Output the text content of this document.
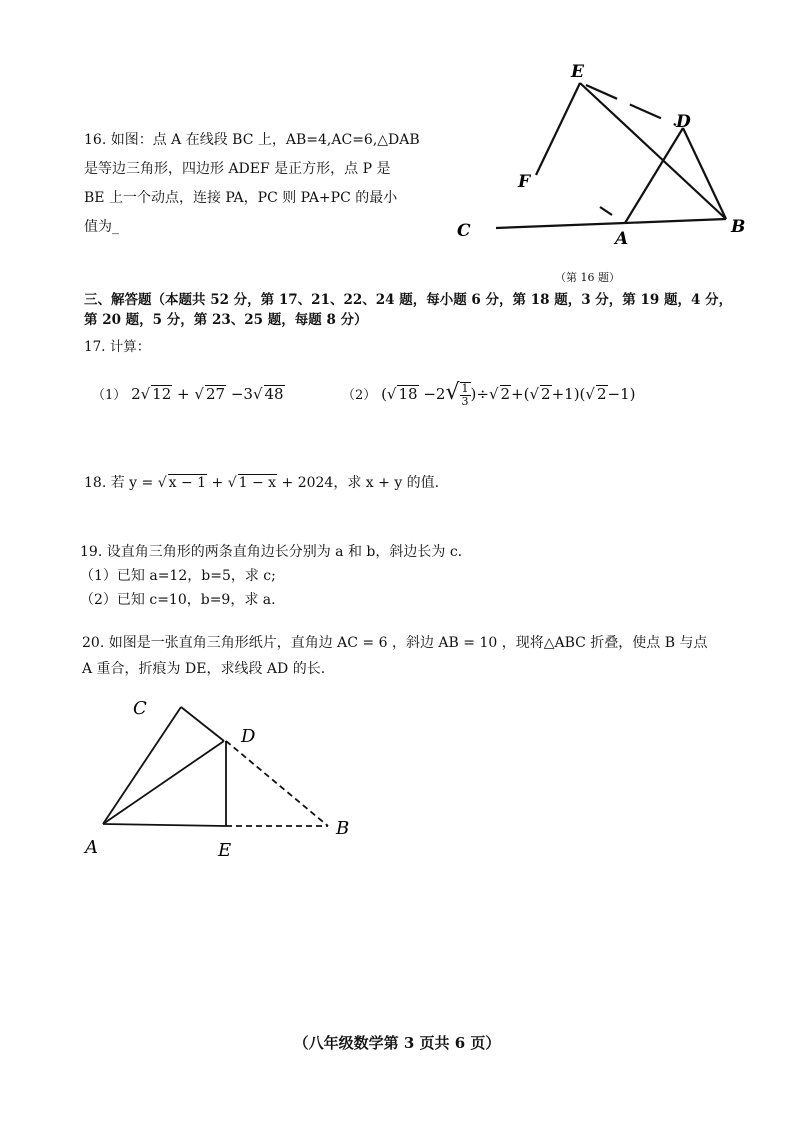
16. 如图：点 A 在线段 BC 上，AB=4,AC=6,△DAB
是等边三角形，四边形 ADEF 是正方形，点 P 是
BE 上一个动点，连接 PA，PC 则 PA+PC 的最小
值为_
E
D
F
C	A
B
（第 16 题）
三、解答题（本题共 52 分，第 17、21、22、24 题，每小题 6 分，第 18 题，3 分，第 19 题，4 分，
第 20 题，5 分，第 23、25 题，每题 8 分）
17. 计算：
（1） 2√ 12 + √ 27 −3√ 48	（2） (√ $18 -2√ \frac{1}{3}$ )÷√ 2+(√ 2+1)(√ 2−1)
18. 若 y = √ x − 1 + √ 1 − x + 2024，求 x + y 的值.
19. 设直角三角形的两条直角边长分别为 a 和 b，斜边长为 c.
（1）已知 a=12，b=5，求 c;
（2）已知 c=10，b=9，求 a.
20. 如图是一张直角三角形纸片，直角边 AC = 6 ，斜边 AB = 10 ，现将△ABC 折叠，使点 B 与点
A 重合，折痕为 DE，求线段 AD 的长.
C
D
A	E
B
（八年级数学第 3 页共 6 页）
